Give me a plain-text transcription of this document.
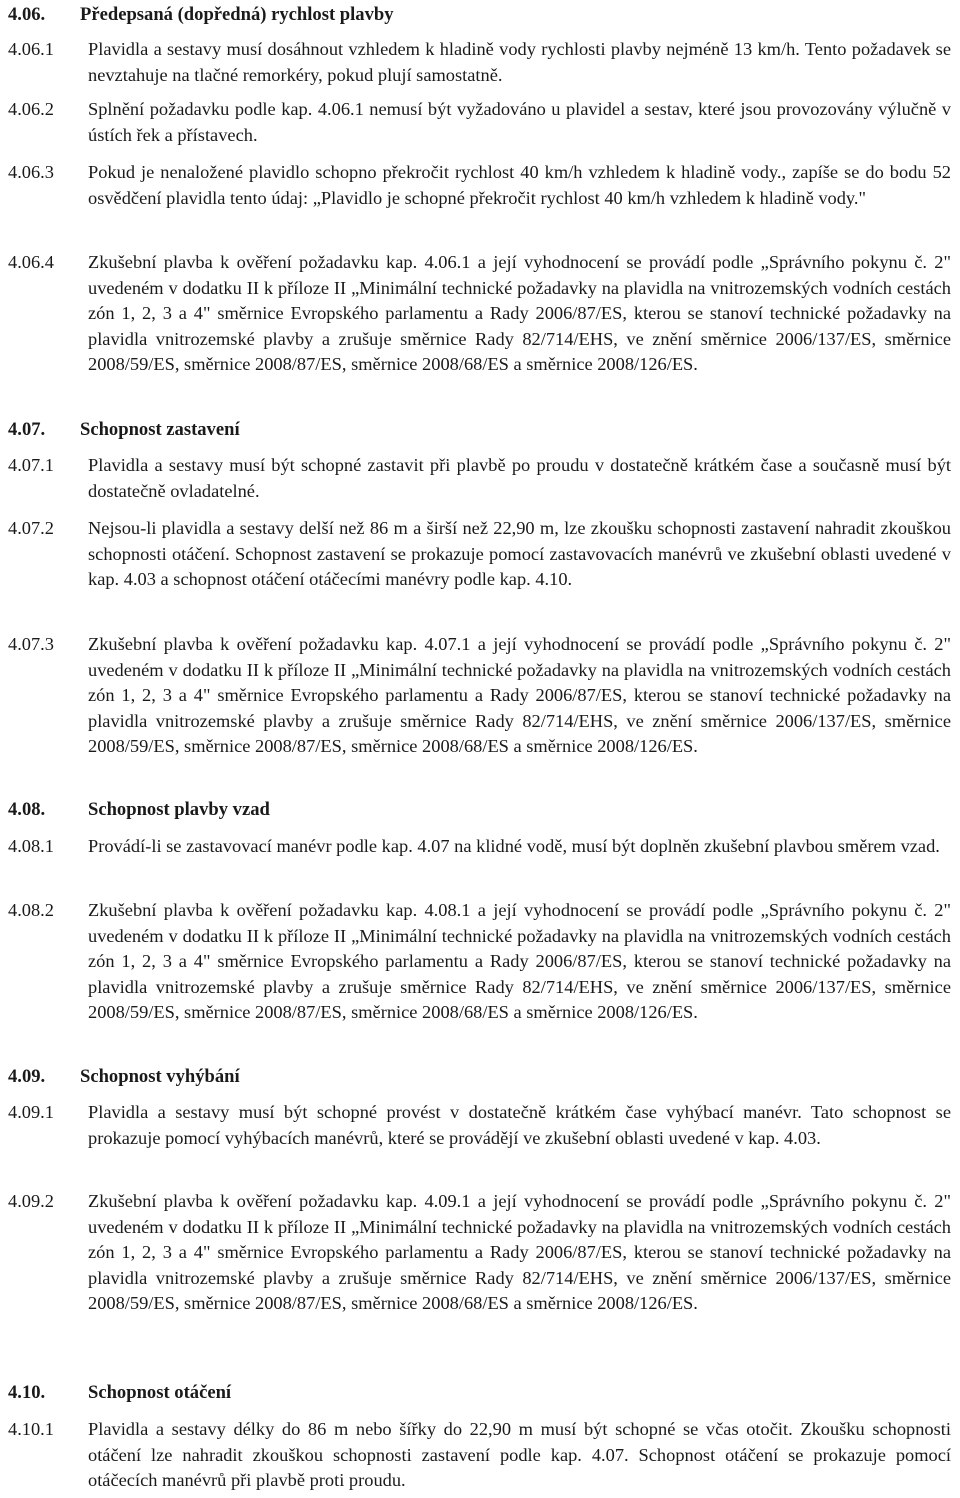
4.06.	Předepsaná (dopředná) rychlost plavby
4.06.1	Plavidla a sestavy musí dosáhnout vzhledem k hladině vody rychlosti plavby nejméně 13 km/h. Tento požadavek se nevztahuje na tlačné remorkéry, pokud plují samostatně.
4.06.2	Splnění požadavku podle kap. 4.06.1 nemusí být vyžadováno u plavidel a sestav, které jsou provozovány výlučně v ústích řek a přístavech.
4.06.3	Pokud je nenaložené plavidlo schopno překročit rychlost 40 km/h vzhledem k hladině vody., zapíše se do bodu 52 osvědčení plavidla tento údaj: „Plavidlo je schopné překročit rychlost 40 km/h vzhledem k hladině vody."
4.06.4	Zkušební plavba k ověření požadavku kap. 4.06.1 a její vyhodnocení se provádí podle „Správního pokynu č. 2" uvedeném v dodatku II k příloze II „Minimální technické požadavky na plavidla na vnitrozemských vodních cestách zón 1, 2, 3 a 4" směrnice Evropského parlamentu a Rady 2006/87/ES, kterou se stanoví technické požadavky na plavidla vnitrozemské plavby a zrušuje směrnice Rady 82/714/EHS, ve znění směrnice 2006/137/ES, směrnice 2008/59/ES, směrnice 2008/87/ES, směrnice 2008/68/ES a směrnice 2008/126/ES.
4.07.	Schopnost zastavení
4.07.1	Plavidla a sestavy musí být schopné zastavit při plavbě po proudu v dostatečně krátkém čase a současně musí být dostatečně ovladatelné.
4.07.2	Nejsou-li plavidla a sestavy delší než 86 m a širší než 22,90 m, lze zkoušku schopnosti zastavení nahradit zkouškou schopnosti otáčení. Schopnost zastavení se prokazuje pomocí zastavovacích manévrů ve zkušební oblasti uvedené v kap. 4.03 a schopnost otáčení otáčecími manévry podle kap. 4.10.
4.07.3	Zkušební plavba k ověření požadavku kap. 4.07.1 a její vyhodnocení se provádí podle „Správního pokynu č. 2" uvedeném v dodatku II k příloze II „Minimální technické požadavky na plavidla na vnitrozemských vodních cestách zón 1, 2, 3 a 4" směrnice Evropského parlamentu a Rady 2006/87/ES, kterou se stanoví technické požadavky na plavidla vnitrozemské plavby a zrušuje směrnice Rady 82/714/EHS, ve znění směrnice 2006/137/ES, směrnice 2008/59/ES, směrnice 2008/87/ES, směrnice 2008/68/ES a směrnice 2008/126/ES.
4.08.	Schopnost plavby vzad
4.08.1	Provádí-li se zastavovací manévr podle kap. 4.07 na klidné vodě, musí být doplněn zkušební plavbou směrem vzad.
4.08.2	Zkušební plavba k ověření požadavku kap. 4.08.1 a její vyhodnocení se provádí podle „Správního pokynu č. 2" uvedeném v dodatku II k příloze II „Minimální technické požadavky na plavidla na vnitrozemských vodních cestách zón 1, 2, 3 a 4" směrnice Evropského parlamentu a Rady 2006/87/ES, kterou se stanoví technické požadavky na plavidla vnitrozemské plavby a zrušuje směrnice Rady 82/714/EHS, ve znění směrnice 2006/137/ES, směrnice 2008/59/ES, směrnice 2008/87/ES, směrnice 2008/68/ES a směrnice 2008/126/ES.
4.09.	Schopnost vyhýbání
4.09.1	Plavidla a sestavy musí být schopné provést v dostatečně krátkém čase vyhýbací manévr. Tato schopnost se prokazuje pomocí vyhýbacích manévrů, které se provádějí ve zkušební oblasti uvedené v kap. 4.03.
4.09.2	Zkušební plavba k ověření požadavku kap. 4.09.1 a její vyhodnocení se provádí podle „Správního pokynu č. 2" uvedeném v dodatku II k příloze II „Minimální technické požadavky na plavidla na vnitrozemských vodních cestách zón 1, 2, 3 a 4" směrnice Evropského parlamentu a Rady 2006/87/ES, kterou se stanoví technické požadavky na plavidla vnitrozemské plavby a zrušuje směrnice Rady 82/714/EHS, ve znění směrnice 2006/137/ES, směrnice 2008/59/ES, směrnice 2008/87/ES, směrnice 2008/68/ES a směrnice 2008/126/ES.
4.10.	Schopnost otáčení
4.10.1	Plavidla a sestavy délky do 86 m nebo šířky do 22,90 m musí být schopné se včas otočit. Zkoušku schopnosti otáčení lze nahradit zkouškou schopnosti zastavení podle kap. 4.07. Schopnost otáčení se prokazuje pomocí otáčecích manévrů při plavbě proti proudu.
